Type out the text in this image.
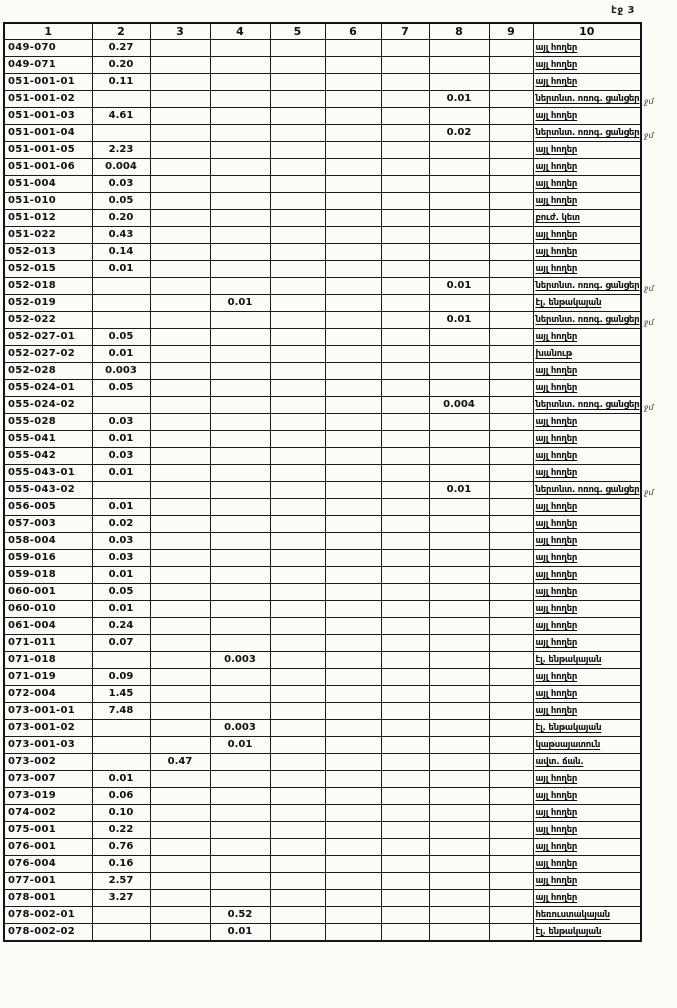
էջ 3
1	2	3	4	5	6	7	8	9	10
049-070	0.27								այլ հողեր
049-071	0.20								այլ հողեր
051-001-01	0.11								այլ հողեր
051-001-02							0.01		ներտնտ. ոռոգ. ցանցեր ջմ

051-001-03	4.61								այլ հողեր
051-001-04							0.02		ներտնտ. ոռոգ. ցանցեր ջմ

051-001-05	2.23								այլ հողեր
051-001-06	0.004								այլ հողեր
051-004	0.03								այլ հողեր
051-010	0.05								այլ հողեր
051-012	0.20								բուժ. կետ
051-022	0.43								այլ հողեր
052-013	0.14								այլ հողեր
052-015	0.01								այլ հողեր
052-018							0.01		ներտնտ. ոռոգ. ցանցեր ջմ

052-019			0.01						էլ. ենթակայան
052-022							0.01		ներտնտ. ոռոգ. ցանցեր ջմ

052-027-01	0.05								այլ հողեր
052-027-02	0.01								խանութ
052-028	0.003								այլ հողեր
055-024-01	0.05								այլ հողեր
055-024-02							0.004		ներտնտ. ոռոգ. ցանցեր ջմ

055-028	0.03								այլ հողեր
055-041	0.01								այլ հողեր
055-042	0.03								այլ հողեր
055-043-01	0.01								այլ հողեր
055-043-02							0.01		ներտնտ. ոռոգ. ցանցեր ջմ

056-005	0.01								այլ հողեր
057-003	0.02								այլ հողեր
058-004	0.03								այլ հողեր
059-016	0.03								այլ հողեր
059-018	0.01								այլ հողեր
060-001	0.05								այլ հողեր
060-010	0.01								այլ հողեր
061-004	0.24								այլ հողեր
071-011	0.07								այլ հողեր
071-018			0.003						էլ. ենթակայան
071-019	0.09								այլ հողեր
072-004	1.45								այլ հողեր
073-001-01	7.48								այլ հողեր
073-001-02			0.003						էլ. ենթակայան
073-001-03			0.01						կաթսայատուն
073-002		0.47							ավտ. ճան.
073-007	0.01								այլ հողեր
073-019	0.06								այլ հողեր
074-002	0.10								այլ հողեր
075-001	0.22								այլ հողեր
076-001	0.76								այլ հողեր
076-004	0.16								այլ հողեր
077-001	2.57								այլ հողեր
078-001	3.27								այլ հողեր
078-002-01			0.52						հեռուստակայան
078-002-02			0.01						էլ. ենթակայան
